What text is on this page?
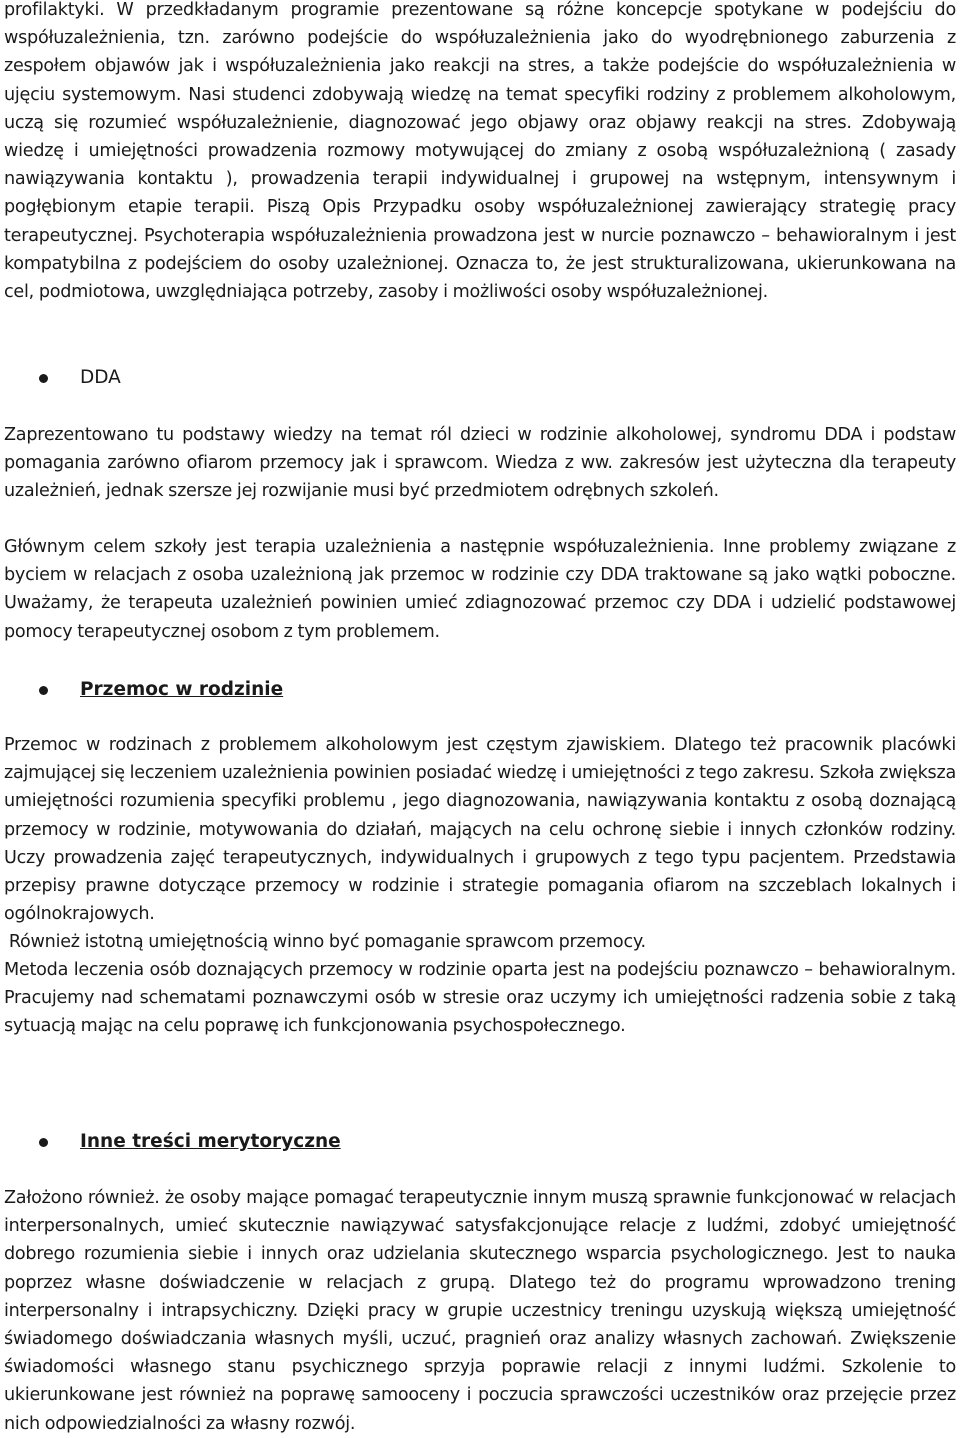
profilaktyki. W przedkładanym programie prezentowane są różne koncepcje spotykane w podejściu do współuzależnienia, tzn. zarówno podejście do współuzależnienia jako do wyodrębnionego zaburzenia z zespołem objawów jak i współuzależnienia jako reakcji na stres, a także podejście do współuzależnienia w ujęciu systemowym. Nasi studenci zdobywają wiedzę na temat specyfiki rodziny z problemem alkoholowym, uczą się rozumieć współuzależnienie, diagnozować jego objawy oraz objawy reakcji na stres. Zdobywają wiedzę i umiejętności prowadzenia rozmowy motywującej do zmiany z osobą współuzależnioną ( zasady nawiązywania kontaktu ), prowadzenia terapii indywidualnej i grupowej na wstępnym, intensywnym i pogłębionym etapie terapii. Piszą Opis Przypadku osoby współuzależnionej zawierający strategię pracy terapeutycznej. Psychoterapia współuzależnienia prowadzona jest w nurcie poznawczo – behawioralnym i jest kompatybilna z podejściem do osoby uzależnionej. Oznacza to, że jest strukturalizowana, ukierunkowana na cel, podmiotowa, uwzględniająca potrzeby, zasoby i możliwości osoby współuzależnionej.

DDA

Zaprezentowano tu podstawy wiedzy na temat ról dzieci w rodzinie alkoholowej, syndromu DDA i podstaw pomagania zarówno ofiarom przemocy jak i sprawcom. Wiedza z ww. zakresów jest użyteczna dla terapeuty uzależnień, jednak szersze jej rozwijanie musi być przedmiotem odrębnych szkoleń.

Głównym celem szkoły jest terapia uzależnienia a następnie współuzależnienia. Inne problemy związane z byciem w relacjach z osoba uzależnioną jak przemoc w rodzinie czy DDA traktowane są jako wątki poboczne. Uważamy, że terapeuta uzależnień powinien umieć zdiagnozować przemoc czy DDA i udzielić podstawowej pomocy terapeutycznej osobom z tym problemem.

Przemoc w rodzinie

Przemoc w rodzinach z problemem alkoholowym jest częstym zjawiskiem. Dlatego też pracownik placówki zajmującej się leczeniem uzależnienia powinien posiadać wiedzę i umiejętności z tego zakresu. Szkoła zwiększa umiejętności rozumienia specyfiki problemu , jego diagnozowania, nawiązywania kontaktu z osobą doznającą przemocy w rodzinie, motywowania do działań, mających na celu ochronę siebie i innych członków rodziny. Uczy prowadzenia zajęć terapeutycznych, indywidualnych i grupowych z tego typu pacjentem. Przedstawia przepisy prawne dotyczące przemocy w rodzinie i strategie pomagania ofiarom na szczeblach lokalnych i ogólnokrajowych.

Również istotną umiejętnością winno być pomaganie sprawcom przemocy.

Metoda leczenia osób doznających przemocy w rodzinie oparta jest na podejściu poznawczo – behawioralnym. Pracujemy nad schematami poznawczymi osób w stresie oraz uczymy ich umiejętności radzenia sobie z taką sytuacją mając na celu poprawę ich funkcjonowania psychospołecznego.

Inne treści merytoryczne

Założono również. że osoby mające pomagać terapeutycznie innym muszą sprawnie funkcjonować w relacjach interpersonalnych, umieć skutecznie nawiązywać satysfakcjonujące relacje z ludźmi, zdobyć umiejętność dobrego rozumienia siebie i innych oraz udzielania skutecznego wsparcia psychologicznego. Jest to nauka poprzez własne doświadczenie w relacjach z grupą. Dlatego też do programu wprowadzono trening interpersonalny i intrapsychiczny. Dzięki pracy w grupie uczestnicy treningu uzyskują większą umiejętność świadomego doświadczania własnych myśli, uczuć, pragnień oraz analizy własnych zachowań. Zwiększenie świadomości własnego stanu psychicznego sprzyja poprawie relacji z innymi ludźmi. Szkolenie to ukierunkowane jest również na poprawę samooceny i poczucia sprawczości uczestników oraz przejęcie przez nich odpowiedzialności za własny rozwój.
